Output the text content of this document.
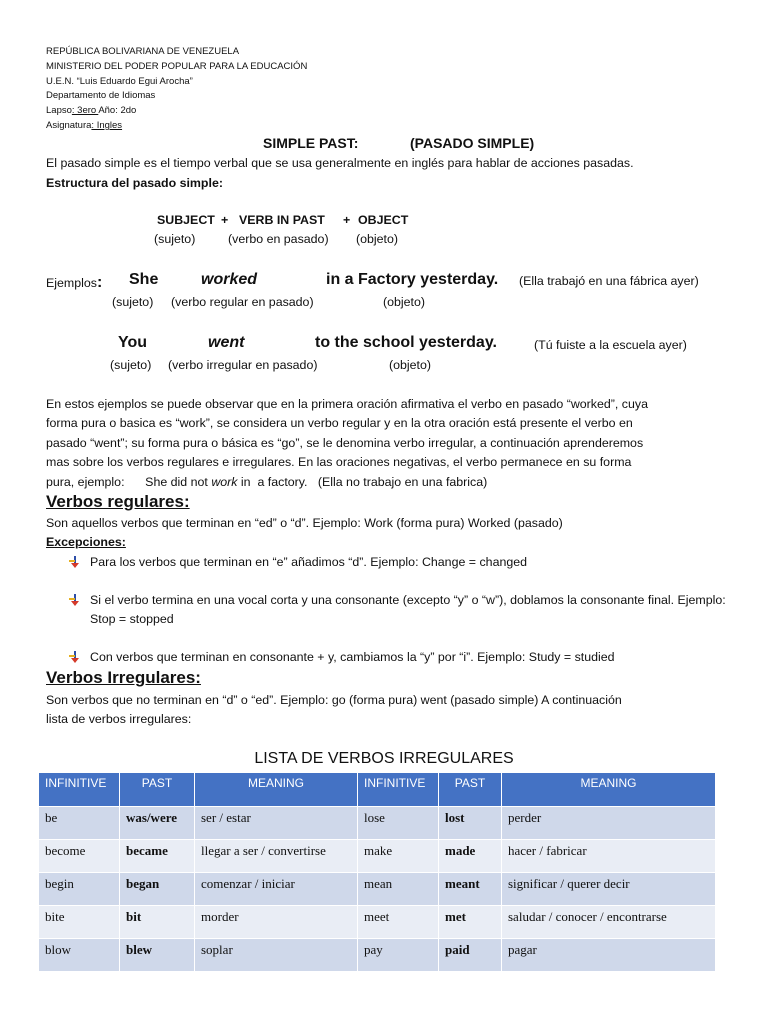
REPÚBLICA BOLIVARIANA DE VENEZUELA
MINISTERIO DEL PODER POPULAR PARA LA EDUCACIÓN
U.E.N. “Luis Eduardo Egui Arocha”
Departamento de Idiomas
Lapso: 3ero Año: 2do
Asignatura: Ingles
SIMPLE PAST:	(PASADO SIMPLE)
El pasado simple es el tiempo verbal que se usa generalmente en inglés para hablar de acciones pasadas.
Estructura del pasado simple:
SUBJECT + VERB IN PAST + OBJECT
(sujeto)	(verbo en pasado) (objeto)
Ejemplos: She	worked	in a Factory yesterday. (Ella trabajó en una fábrica ayer)
(sujeto) (verbo regular en pasado)	(objeto)
You	went	to the school yesterday.	(Tú fuiste a la escuela ayer)
(sujeto) (verbo irregular en pasado)	(objeto)
En estos ejemplos se puede observar que en la primera oración afirmativa el verbo en pasado “worked”, cuya
forma pura o basica es “work”, se considera un verbo regular y en la otra oración está presente el verbo en
pasado “went”; su forma pura o básica es “go”, se le denomina verbo irregular, a continuación aprenderemos
mas sobre los verbos regulares e irregulares. En las oraciones negativas, el verbo permanece en su forma
pura, ejemplo:      She did not work in  a factory.   (Ella no trabajo en una fabrica)
Verbos regulares:
Son aquellos verbos que terminan en “ed” o “d”. Ejemplo: Work (forma pura) Worked (pasado)
Excepciones:
Para los verbos que terminan en “e” añadimos “d”. Ejemplo: Change = changed
Si el verbo termina en una vocal corta y una consonante (excepto “y” o “w”), doblamos la consonante final. Ejemplo: Stop = stopped
Con verbos que terminan en consonante + y, cambiamos la “y” por “i”. Ejemplo: Study = studied
Verbos Irregulares:
Son verbos que no terminan en “d” o “ed”. Ejemplo: go (forma pura) went (pasado simple) A continuación
lista de verbos irregulares:
LISTA DE VERBOS IRREGULARES
INFINITIVE	PAST	MEANING	INFINITIVE	PAST	MEANING
be	was/were	ser / estar	lose	lost	perder
become	became	llegar a ser / convertirse	make	made	hacer / fabricar
begin	began	comenzar / iniciar	mean	meant	significar / querer decir
bite	bit	morder	meet	met	saludar / conocer / encontrarse
blow	blew	soplar	pay	paid	pagar
